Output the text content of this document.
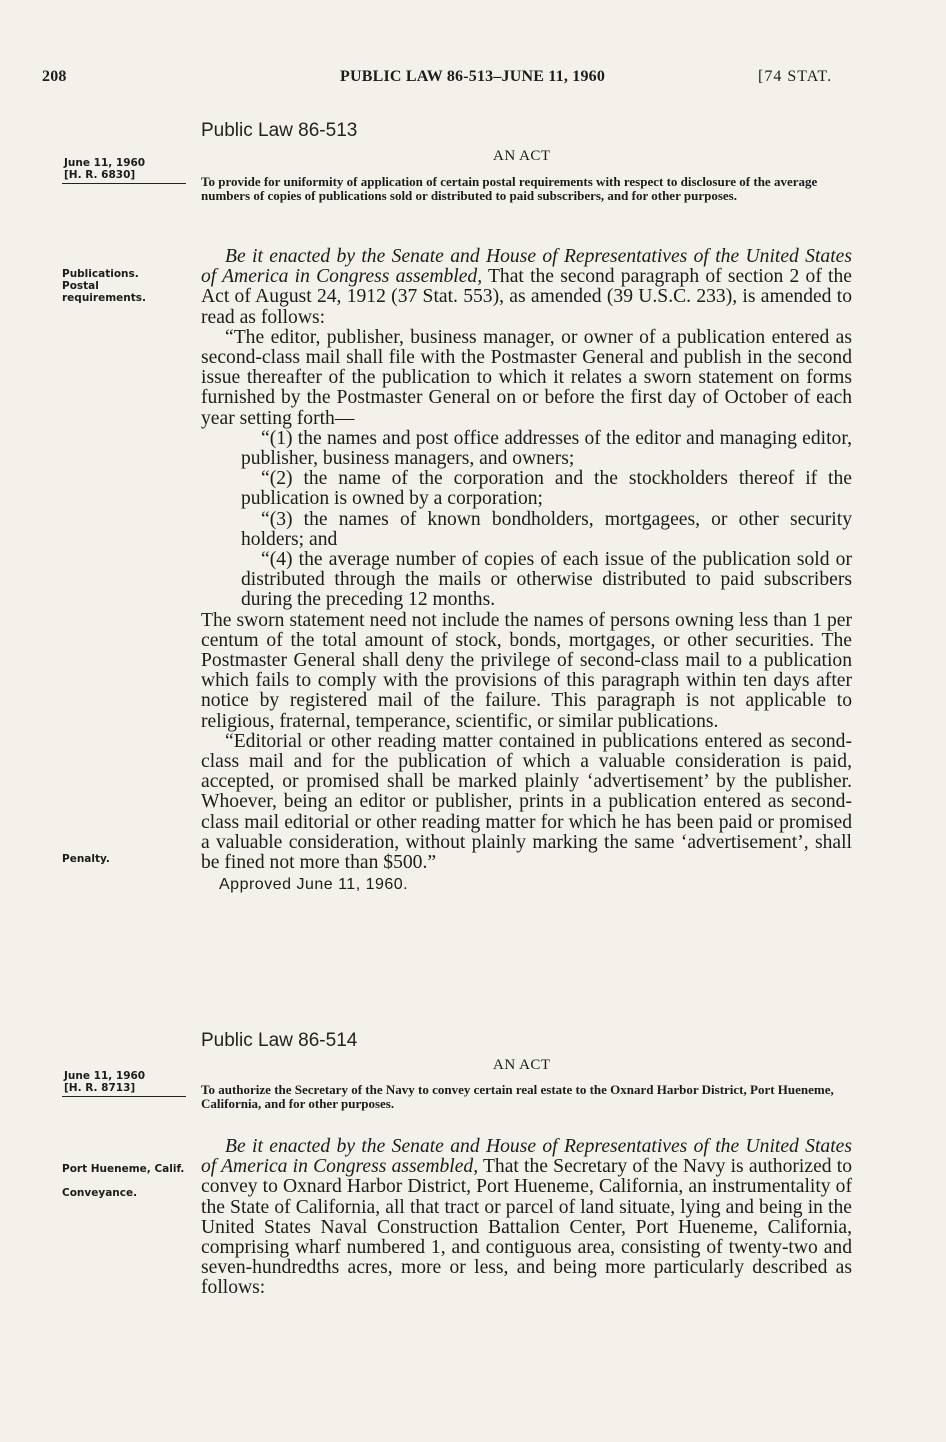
208	PUBLIC LAW 86-513–JUNE 11, 1960	[74 STAT.
Public Law 86-513
AN ACT
June 11, 1960
[H. R. 6830]	To provide for uniformity of application of certain postal requirements with respect to disclosure of the average numbers of copies of publications sold or distributed to paid subscribers, and for other purposes.
Publications.
Postal requirements.
Penalty.

Be it enacted by the Senate and House of Representatives of the United States of America in Congress assembled, That the second paragraph of section 2 of the Act of August 24, 1912 (37 Stat. 553), as amended (39 U.S.C. 233), is amended to read as follows:

“The editor, publisher, business manager, or owner of a publication entered as second-class mail shall file with the Postmaster General and publish in the second issue thereafter of the publication to which it relates a sworn statement on forms furnished by the Postmaster General on or before the first day of October of each year setting forth—

“(1) the names and post office addresses of the editor and managing editor, publisher, business managers, and owners;

“(2) the name of the corporation and the stockholders thereof if the publication is owned by a corporation;

“(3) the names of known bondholders, mortgagees, or other security holders; and

“(4) the average number of copies of each issue of the publication sold or distributed through the mails or otherwise distributed to paid subscribers during the preceding 12 months.

The sworn statement need not include the names of persons owning less than 1 per centum of the total amount of stock, bonds, mortgages, or other securities. The Postmaster General shall deny the privilege of second-class mail to a publication which fails to comply with the provisions of this paragraph within ten days after notice by registered mail of the failure. This paragraph is not applicable to religious, fraternal, temperance, scientific, or similar publications.

“Editorial or other reading matter contained in publications entered as second-class mail and for the publication of which a valuable consideration is paid, accepted, or promised shall be marked plainly ‘advertisement’ by the publisher. Whoever, being an editor or publisher, prints in a publication entered as second-class mail editorial or other reading matter for which he has been paid or promised a valuable consideration, without plainly marking the same ‘advertisement’, shall be fined not more than $500.”

Approved June 11, 1960.

Public Law 86-514
AN ACT
June 11, 1960
[H. R. 8713]	To authorize the Secretary of the Navy to convey certain real estate to the Oxnard Harbor District, Port Hueneme, California, and for other purposes.
Port Hueneme, Calif.
Conveyance.

Be it enacted by the Senate and House of Representatives of the United States of America in Congress assembled, That the Secretary of the Navy is authorized to convey to Oxnard Harbor District, Port Hueneme, California, an instrumentality of the State of California, all that tract or parcel of land situate, lying and being in the United States Naval Construction Battalion Center, Port Hueneme, California, comprising wharf numbered 1, and contiguous area, consisting of twenty-two and seven-hundredths acres, more or less, and being more particularly described as follows:
